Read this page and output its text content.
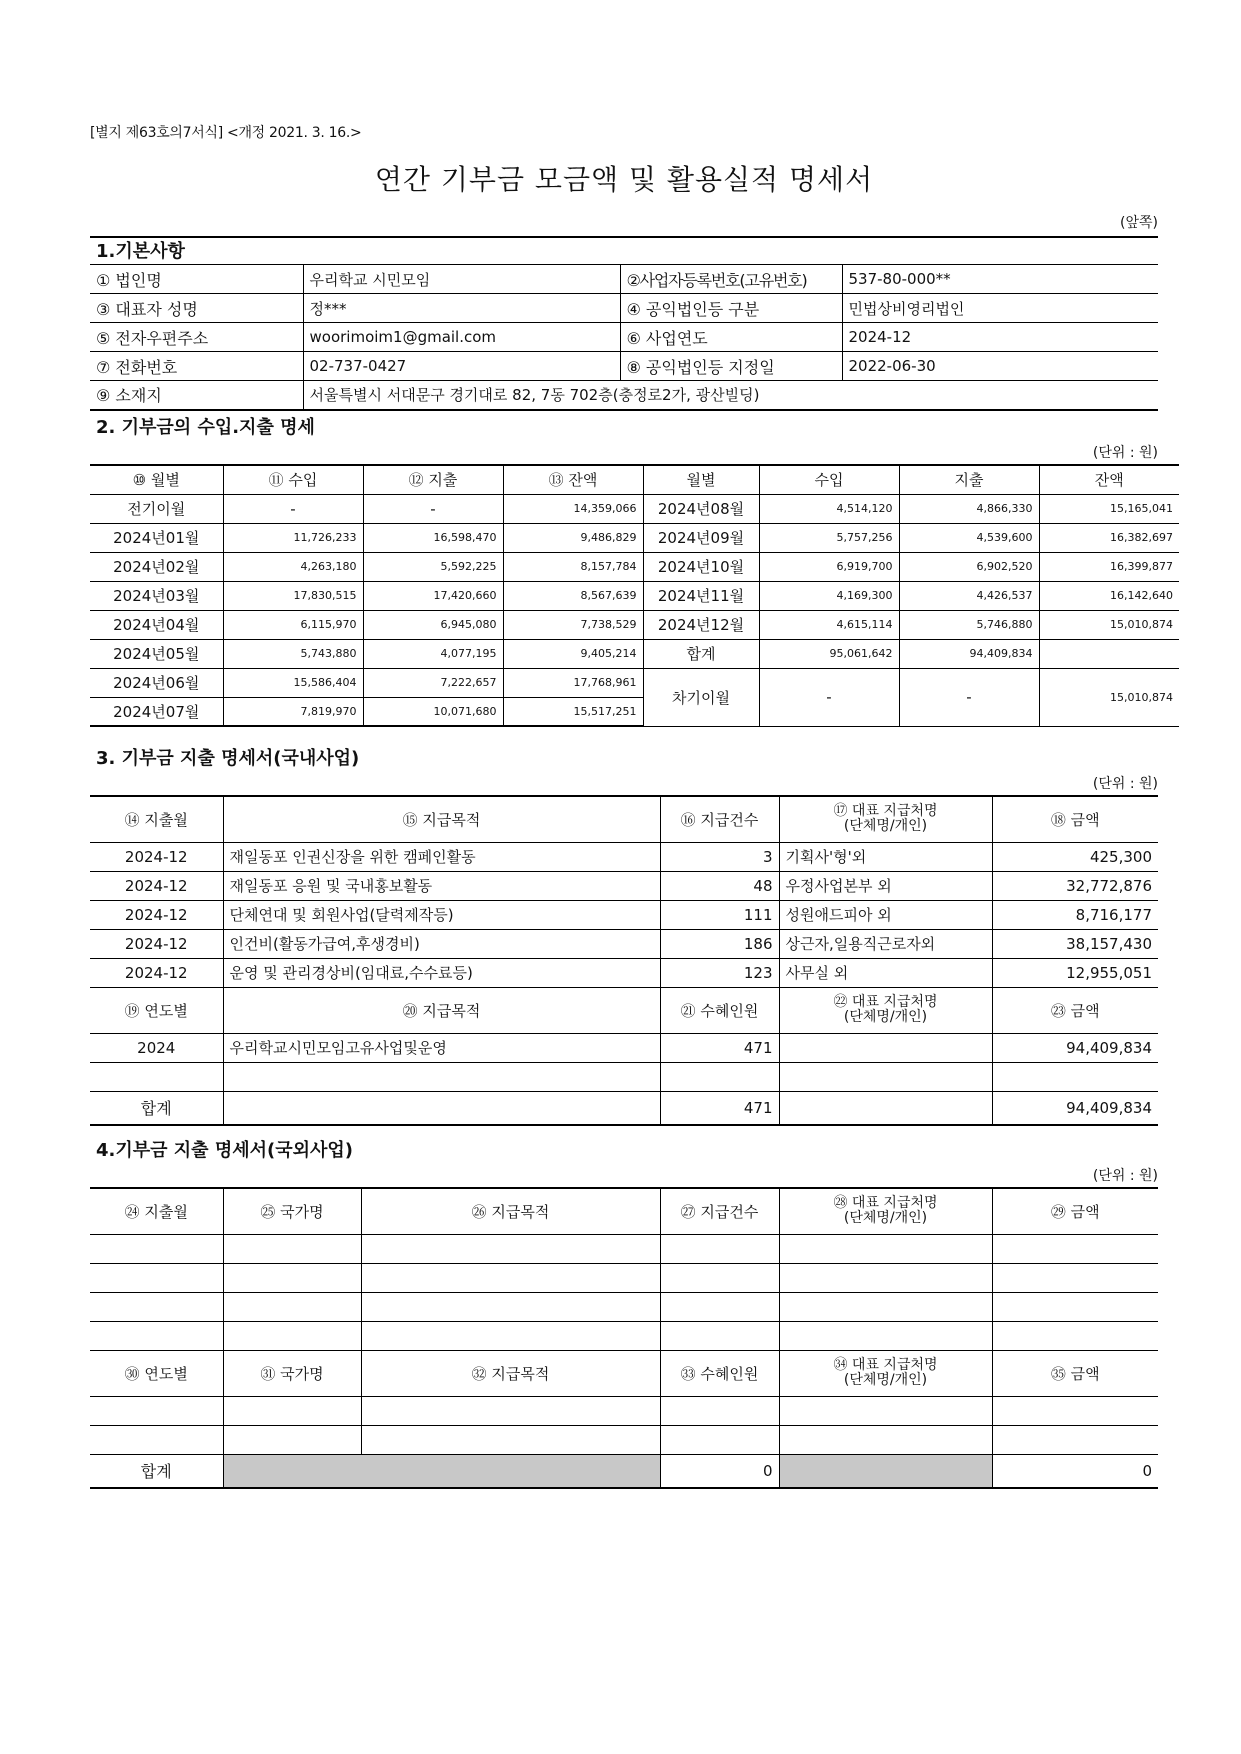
[별지 제63호의7서식] <개정 2021. 3. 16.>
연간 기부금 모금액 및 활용실적 명세서
(앞쪽)
1.기본사항
① 법인명	우리학교 시민모임	②사업자등록번호(고유번호)	537-80-000**
③ 대표자 성명	정***	④ 공익법인등 구분	민법상비영리법인
⑤ 전자우편주소	woorimoim1@gmail.com	⑥ 사업연도	2024-12
⑦ 전화번호	02-737-0427	⑧ 공익법인등 지정일	2022-06-30
⑨ 소재지	서울특별시 서대문구 경기대로 82, 7동 702층(충정로2가, 광산빌딩)		
2. 기부금의 수입.지출 명세
(단위 : 원)
⑩ 월별	⑪ 수입	⑫ 지출	⑬ 잔액	월별	수입	지출	잔액
전기이월	-	-	14,359,066	2024년08월	4,514,120	4,866,330	15,165,041
2024년01월	11,726,233	16,598,470	9,486,829	2024년09월	5,757,256	4,539,600	16,382,697
2024년02월	4,263,180	5,592,225	8,157,784	2024년10월	6,919,700	6,902,520	16,399,877
2024년03월	17,830,515	17,420,660	8,567,639	2024년11월	4,169,300	4,426,537	16,142,640
2024년04월	6,115,970	6,945,080	7,738,529	2024년12월	4,615,114	5,746,880	15,010,874
2024년05월	5,743,880	4,077,195	9,405,214	합계	95,061,642	94,409,834	
2024년06월	15,586,404	7,222,657	17,768,961	차기이월	-	-	15,010,874
2024년07월	7,819,970	10,071,680	15,517,251				
3. 기부금 지출 명세서(국내사업)
(단위 : 원)
⑭ 지출월	⑮ 지급목적	⑯ 지급건수	⑰ 대표 지급처명
(단체명/개인)	⑱ 금액
2024-12	재일동포 인권신장을 위한 캠페인활동	3	기획사'형'외	425,300
2024-12	재일동포 응원 및 국내홍보활동	48	우정사업본부 외	32,772,876
2024-12	단체연대 및 회원사업(달력제작등)	111	성원애드피아 외	8,716,177
2024-12	인건비(활동가급여,후생경비)	186	상근자,일용직근로자외	38,157,430
2024-12	운영 및 관리경상비(임대료,수수료등)	123	사무실 외	12,955,051
⑲ 연도별	⑳ 지급목적	㉑ 수혜인원	㉒ 대표 지급처명
(단체명/개인)	㉓ 금액
2024	우리학교시민모임고유사업및운영	471		94,409,834

합계		471		94,409,834
4.기부금 지출 명세서(국외사업)
(단위 : 원)
㉔ 지출월	㉕ 국가명	㉖ 지급목적	㉗ 지급건수	㉘ 대표 지급처명
(단체명/개인)	㉙ 금액

㉚ 연도별	㉛ 국가명	㉜ 지급목적	㉝ 수혜인원	㉞ 대표 지급처명
(단체명/개인)	㉟ 금액

합계			0		0
